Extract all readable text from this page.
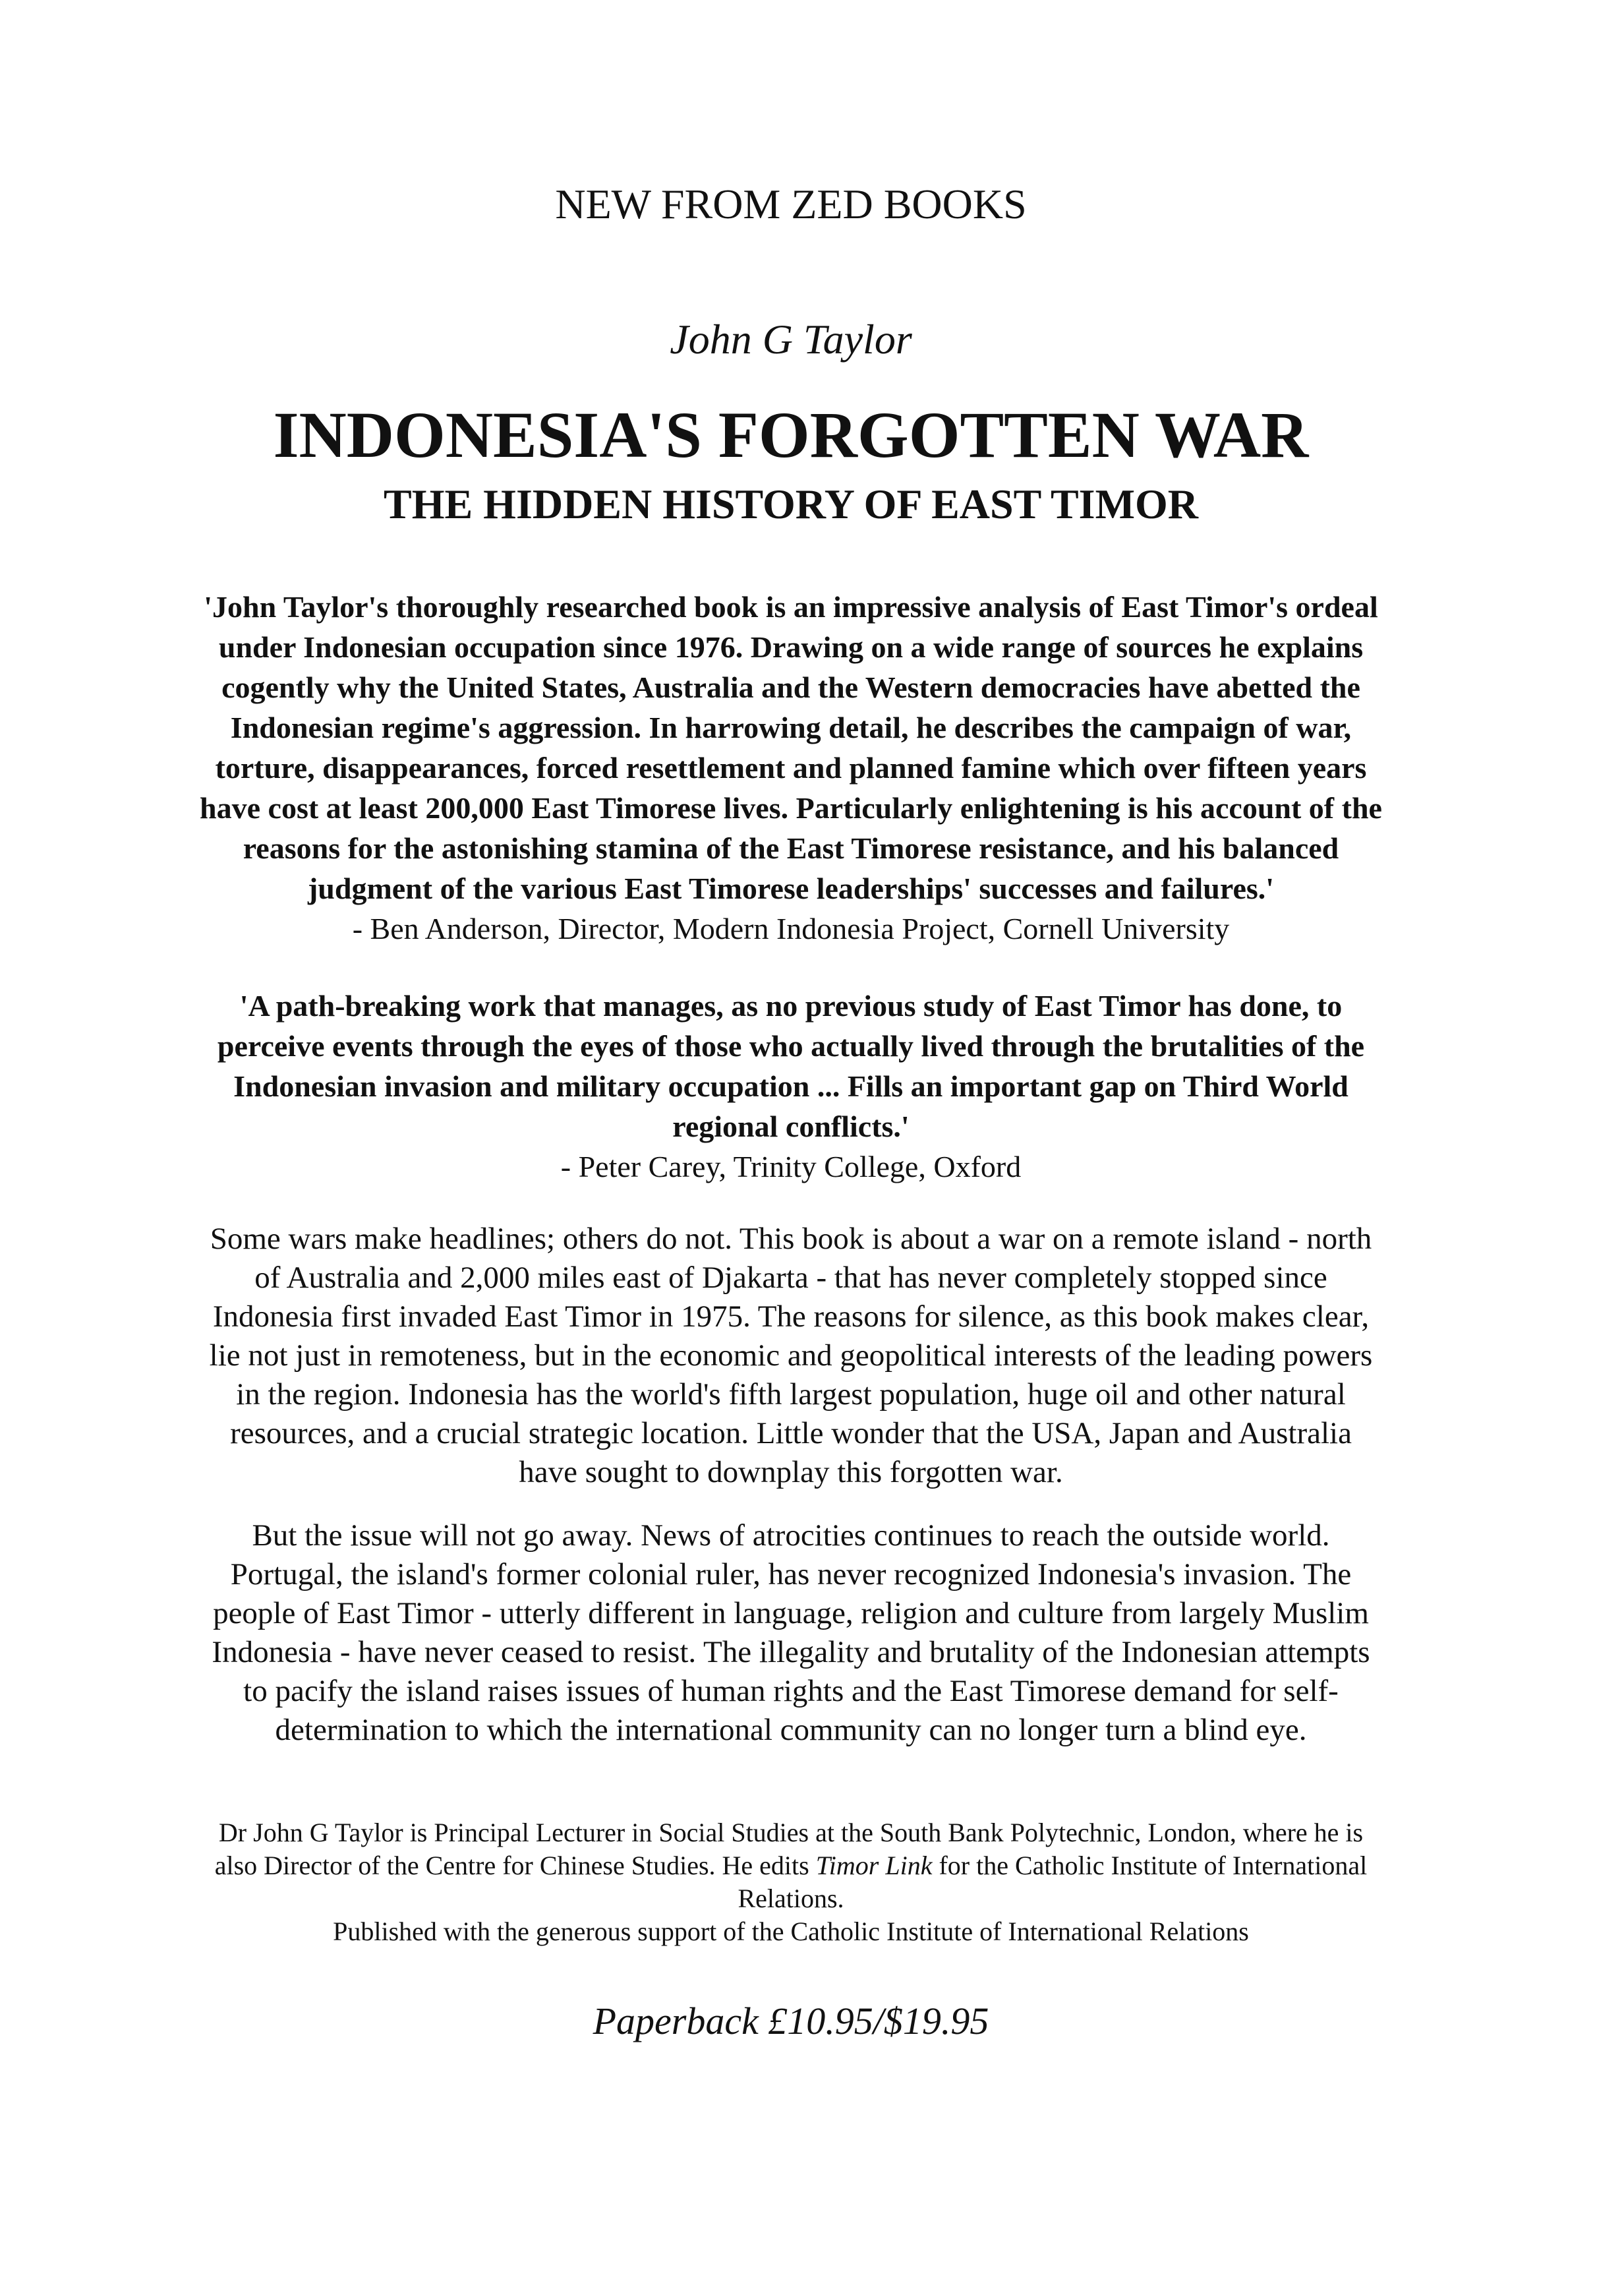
NEW FROM ZED BOOKS
John G Taylor
INDONESIA'S FORGOTTEN WAR
THE HIDDEN HISTORY OF EAST TIMOR
'John Taylor's thoroughly researched book is an impressive analysis of East Timor's ordeal under Indonesian occupation since 1976. Drawing on a wide range of sources he explains cogently why the United States, Australia and the Western democracies have abetted the Indonesian regime's aggression. In harrowing detail, he describes the campaign of war, torture, disappearances, forced resettlement and planned famine which over fifteen years have cost at least 200,000 East Timorese lives. Particularly enlightening is his account of the reasons for the astonishing stamina of the East Timorese resistance, and his balanced judgment of the various East Timorese leaderships' successes and failures.'
- Ben Anderson, Director, Modern Indonesia Project, Cornell University
'A path-breaking work that manages, as no previous study of East Timor has done, to perceive events through the eyes of those who actually lived through the brutalities of the Indonesian invasion and military occupation ... Fills an important gap on Third World regional conflicts.'
- Peter Carey, Trinity College, Oxford

Some wars make headlines; others do not. This book is about a war on a remote island - north of Australia and 2,000 miles east of Djakarta - that has never completely stopped since Indonesia first invaded East Timor in 1975. The reasons for silence, as this book makes clear, lie not just in remoteness, but in the economic and geopolitical interests of the leading powers in the region. Indonesia has the world's fifth largest population, huge oil and other natural resources, and a crucial strategic location. Little wonder that the USA, Japan and Australia have sought to downplay this forgotten war.

But the issue will not go away. News of atrocities continues to reach the outside world. Portugal, the island's former colonial ruler, has never recognized Indonesia's invasion. The people of East Timor - utterly different in language, religion and culture from largely Muslim Indonesia - have never ceased to resist. The illegality and brutality of the Indonesian attempts to pacify the island raises issues of human rights and the East Timorese demand for self-determination to which the international community can no longer turn a blind eye.

Dr John G Taylor is Principal Lecturer in Social Studies at the South Bank Polytechnic, London, where he is also Director of the Centre for Chinese Studies. He edits Timor Link for the Catholic Institute of International Relations.
Published with the generous support of the Catholic Institute of International Relations
Paperback £10.95/$19.95
